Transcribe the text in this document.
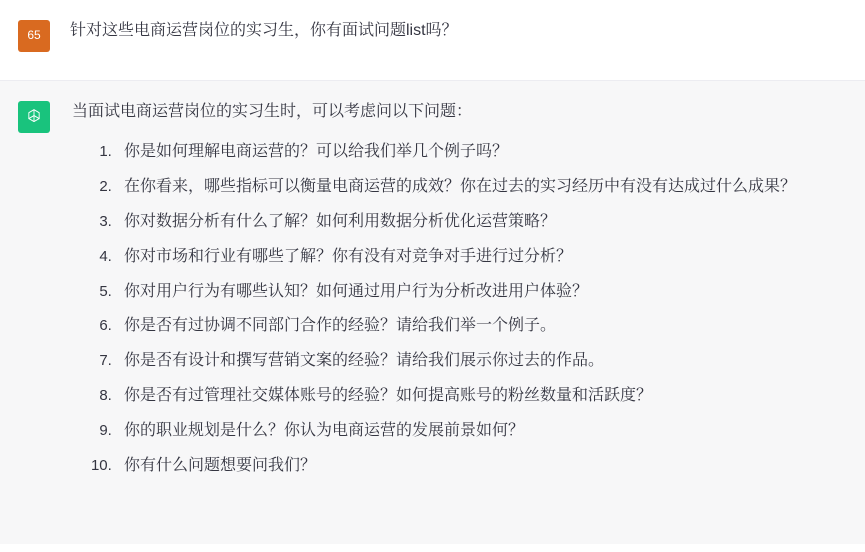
65	针对这些电商运营岗位的实习生，你有面试问题list吗？

当面试电商运营岗位的实习生时，可以考虑问以下问题：

1. 你是如何理解电商运营的？可以给我们举几个例子吗？
2. 在你看来，哪些指标可以衡量电商运营的成效？你在过去的实习经历中有没有达成过什么成果？
3. 你对数据分析有什么了解？如何利用数据分析优化运营策略？
4. 你对市场和行业有哪些了解？你有没有对竞争对手进行过分析？
5. 你对用户行为有哪些认知？如何通过用户行为分析改进用户体验？
6. 你是否有过协调不同部门合作的经验？请给我们举一个例子。
7. 你是否有设计和撰写营销文案的经验？请给我们展示你过去的作品。
8. 你是否有过管理社交媒体账号的经验？如何提高账号的粉丝数量和活跃度？
9. 你的职业规划是什么？你认为电商运营的发展前景如何？
10. 你有什么问题想要问我们？
